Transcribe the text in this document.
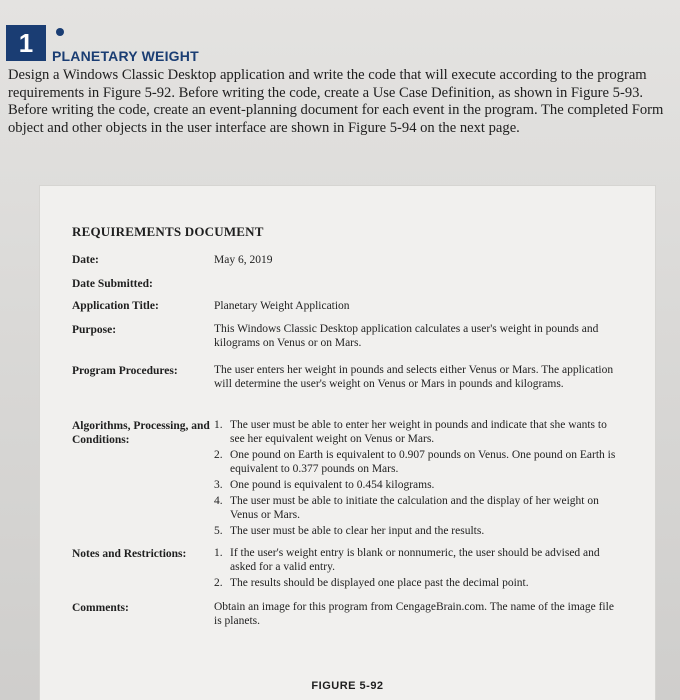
1	PLANETARY WEIGHT
Design a Windows Classic Desktop application and write the code that will execute according to the program requirements in Figure 5-92. Before writing the code, create a Use Case Definition, as shown in Figure 5-93. Before writing the code, create an event-planning document for each event in the program. The completed Form object and other objects in the user interface are shown in Figure 5-94 on the next page.
REQUIREMENTS DOCUMENT
Date:	May 6, 2019
Date Submitted:
Application Title:	Planetary Weight Application
Purpose:	This Windows Classic Desktop application calculates a user's weight in pounds and kilograms on Venus or on Mars.
Program Procedures:	The user enters her weight in pounds and selects either Venus or Mars. The application will determine the user's weight on Venus or Mars in pounds and kilograms.
Algorithms, Processing, and Conditions:
1. The user must be able to enter her weight in pounds and indicate that she wants to see her equivalent weight on Venus or Mars.
2. One pound on Earth is equivalent to 0.907 pounds on Venus. One pound on Earth is equivalent to 0.377 pounds on Mars.
3. One pound is equivalent to 0.454 kilograms.
4. The user must be able to initiate the calculation and the display of her weight on Venus or Mars.
5. The user must be able to clear her input and the results.
Notes and Restrictions:	1. If the user's weight entry is blank or nonnumeric, the user should be advised and asked for a valid entry.
2. The results should be displayed one place past the decimal point.
Comments:	Obtain an image for this program from CengageBrain.com. The name of the image file is planets.
FIGURE 5-92
